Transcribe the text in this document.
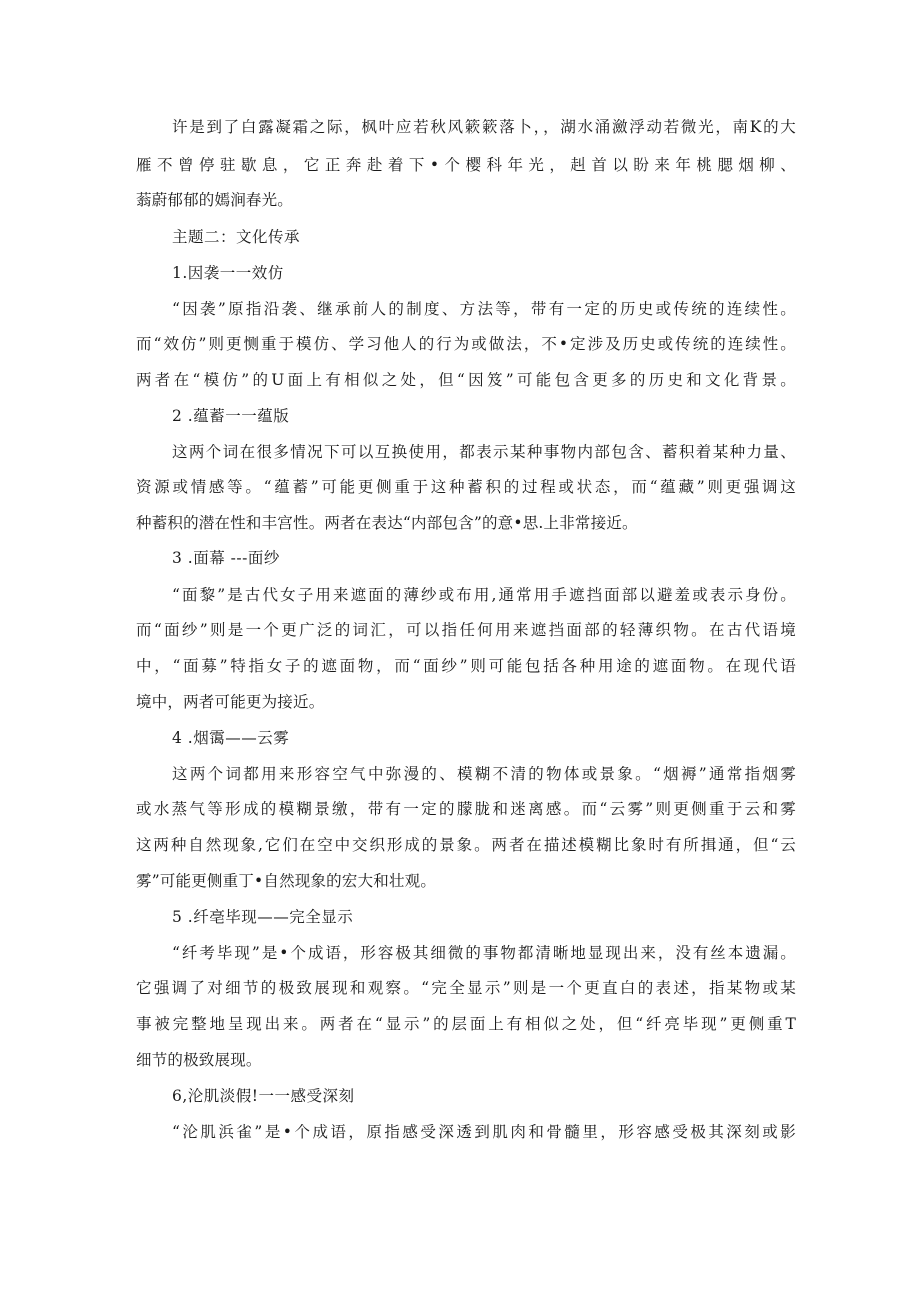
许是到了白露凝霜之际，枫叶应若秋风簌簌落卜，，湖水涌瀲浮动若微光，南K的大
雁不曾停驻歇息，它正奔赴着下•个樱科年光，赳首以盼来年桃腮烟柳、
蓊蔚郁郁的嫣涧春光。
主题二：文化传承
1.因袭一一效仿
“因袭”原指沿袭、继承前人的制度、方法等，带有一定的历史或传统的连续性。
而“效仿”则更恻重于模仿、学习他人的行为或做法，不•定涉及历史或传统的连续性。
两者在“模仿”的U面上有相似之处，但“因笈”可能包含更多的历史和文化背景。
2 .蕴蓄一一蕴版
这两个词在很多情况下可以互换使用，都表示某种事物内部包含、蓄积着某种力量、
资源或情感等。“蕴蓄”可能更侧重于这种蓄积的过程或状态，而“蕴藏”则更强调这
种蓄积的潜在性和丰宫性。两者在表达“内部包含”的意•思.上非常接近。
3 .面幕 ---面纱
“面黎”是古代女子用来遮面的薄纱或布用,通常用手遮挡面部以避羞或表示身份。
而“面纱”则是一个更广泛的词汇，可以指任何用来遮挡面部的轻薄织物。在古代语境
中，“面募”特指女子的遮面物，而“面纱”则可能包括各种用途的遮面物。在现代语
境中，两者可能更为接近。
4 .烟霭——云雾
这两个词都用来形容空气中弥漫的、模糊不清的物体或景象。“烟褥”通常指烟雾
或水蒸气等形成的模糊景缴，带有一定的朦胧和迷离感。而“云雾”则更侧重于云和雾
这两种自然现象,它们在空中交织形成的景象。两者在描述模糊比象时有所揖通，但“云
雾”可能更侧重丁•自然现象的宏大和壮观。
5 .纤亳毕现——完全显示
“纤考毕现”是•个成语，形容极其细微的事物都清晰地显现出来，没有丝本遗漏。
它强调了对细节的极致展现和观察。“完全显示”则是一个更直白的表述，指某物或某
事被完整地呈现出来。两者在“显示”的层面上有相似之处，但“纤亮毕现”更侧重T
细节的极致展现。
6,沦肌淡假!一一感受深刻
“沦肌浜雀”是•个成语，原指感受深透到肌肉和骨髓里，形容感受极其深刻或影
